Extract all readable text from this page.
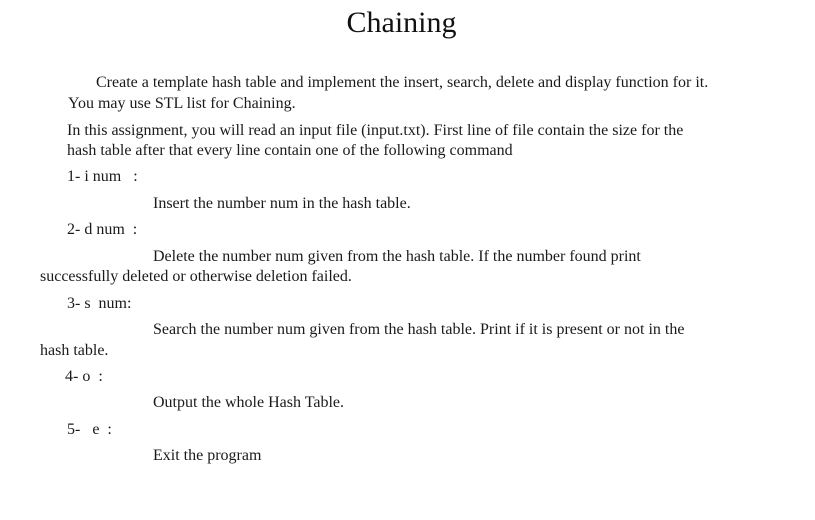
Chaining
Create a template hash table and implement the insert, search, delete and display function for it.
You may use STL list for Chaining.
In this assignment, you will read an input file (input.txt). First line of file contain the size for the
hash table after that every line contain one of the following command
1- i num   :
Insert the number num in the hash table.
2- d num  :
Delete the number num given from the hash table. If the number found print
successfully deleted or otherwise deletion failed.
3- s  num:
Search the number num given from the hash table. Print if it is present or not in the
hash table.
4- o  :
Output the whole Hash Table.
5-   e  :
Exit the program
